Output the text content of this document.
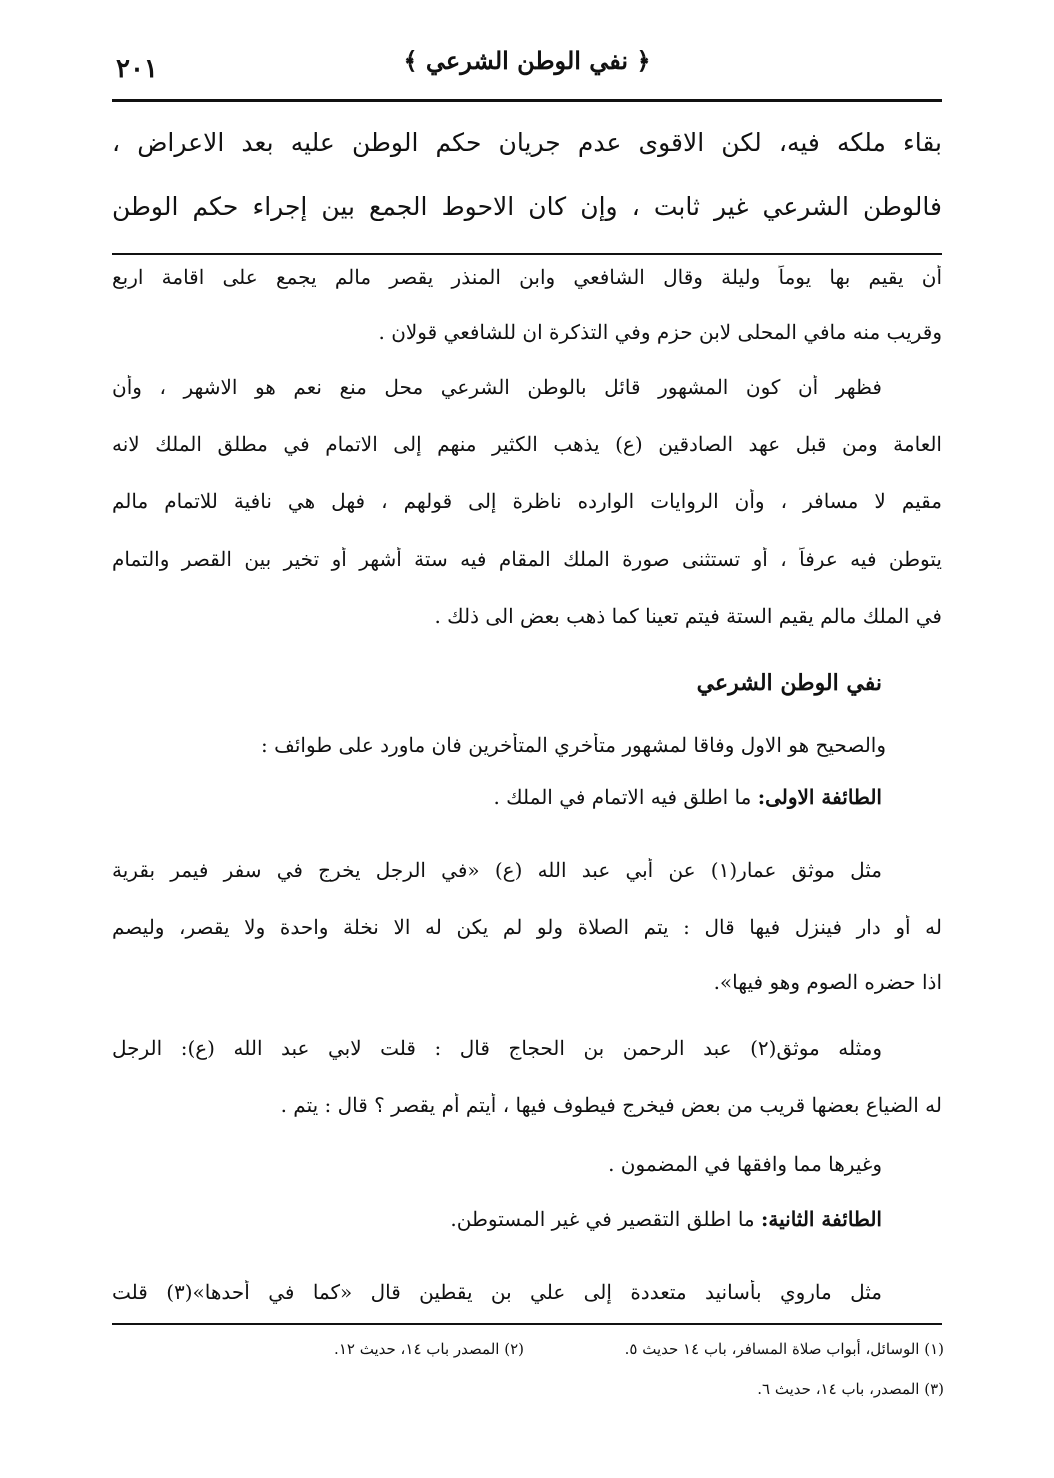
٢٠١	﴿ نفي الوطن الشرعي ﴾
بقاء ملكه فيه، لكن الاقوى عدم جريان حكم الوطن عليه بعد الاعراض ،
فالوطن الشرعي غير ثابت ، وإن كان الاحوط الجمع بين إجراء حكم الوطن
أن يقيم بها يوماً وليلة وقال الشافعي وابن المنذر يقصر مالم يجمع على اقامة اربع
وقريب منه مافي المحلى لابن حزم وفي التذكرة ان للشافعي قولان .
فظهر أن كون المشهور قائل بالوطن الشرعي محل منع نعم هو الاشهر ، وأن
العامة ومن قبل عهد الصادقين (ع) يذهب الكثير منهم إلى الاتمام في مطلق الملك لانه
مقيم لا مسافر ، وأن الروايات الوارده ناظرة إلى قولهم ، فهل هي نافية للاتمام مالم
يتوطن فيه عرفاً ، أو تستثنى صورة الملك المقام فيه ستة أشهر أو تخير بين القصر والتمام
في الملك مالم يقيم الستة فيتم تعينا كما ذهب بعض الى ذلك .
نفي الوطن الشرعي
والصحيح هو الاول وفاقا لمشهور متأخري المتأخرين فان ماورد على طوائف :
الطائفة الاولى: ما اطلق فيه الاتمام في الملك .
مثل موثق عمار(١) عن أبي عبد الله (ع) «في الرجل يخرج في سفر فيمر بقرية
له أو دار فينزل فيها قال : يتم الصلاة ولو لم يكن له الا نخلة واحدة ولا يقصر، وليصم
اذا حضره الصوم وهو فيها».
ومثله موثق(٢) عبد الرحمن بن الحجاج قال : قلت لابي عبد الله (ع): الرجل
له الضياع بعضها قريب من بعض فيخرج فيطوف فيها ، أيتم أم يقصر ؟ قال : يتم .
وغيرها مما وافقها في المضمون .
الطائفة الثانية: ما اطلق التقصير في غير المستوطن.
مثل ماروي بأسانيد متعددة إلى علي بن يقطين قال «كما في أحدها»(٣) قلت
(١) الوسائل، أبواب صلاة المسافر، باب ١٤ حديث ٥.
(٢) المصدر باب ١٤، حديث ١٢.
(٣) المصدر، باب ١٤، حديث ٦.
